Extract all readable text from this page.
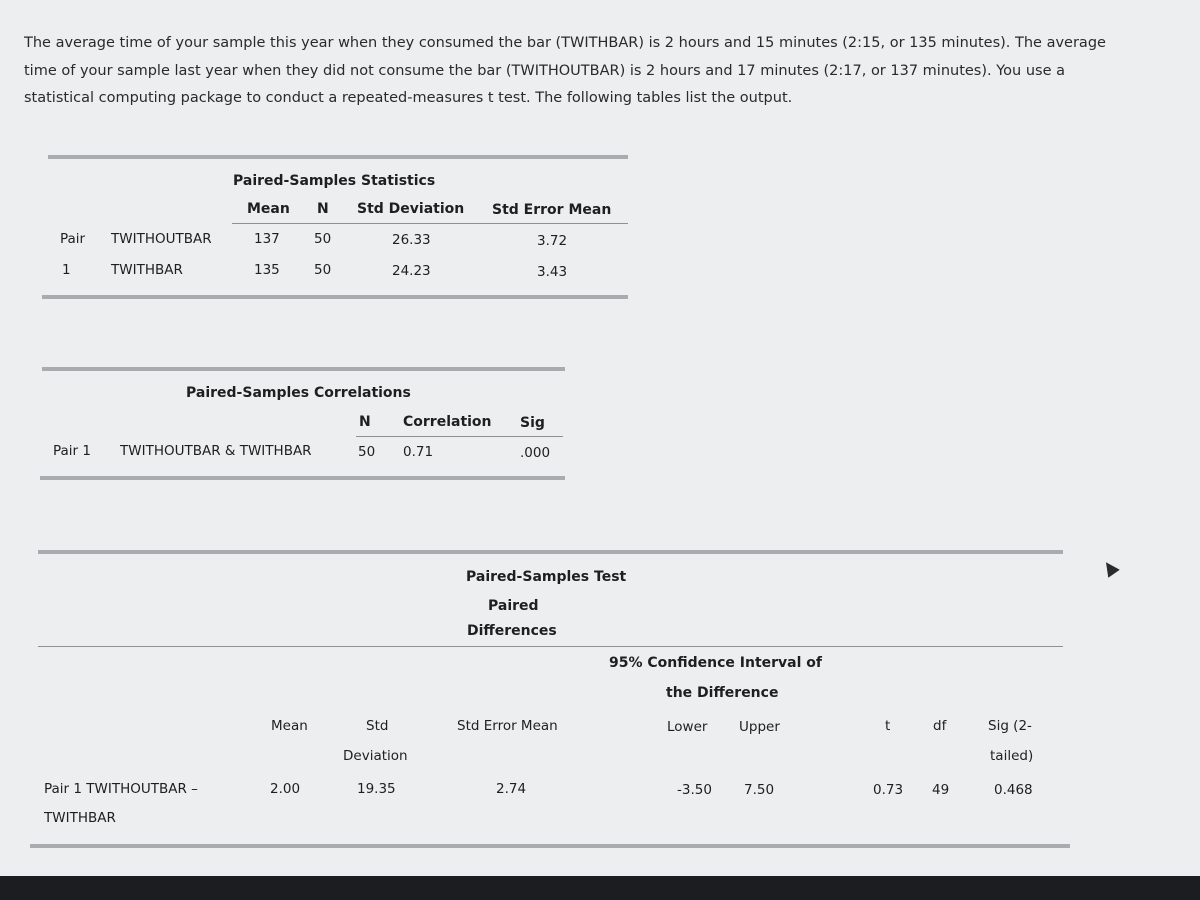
The average time of your sample this year when they consumed the bar (TWITHBAR) is 2 hours and 15 minutes (2:15, or 135 minutes). The average
time of your sample last year when they did not consume the bar (TWITHOUTBAR) is 2 hours and 17 minutes (2:17, or 137 minutes). You use a
statistical computing package to conduct a repeated-measures t test. The following tables list the output.
Paired-Samples Statistics
Mean N Std Deviation Std Error Mean
Pair
1
TWITHOUTBAR	137	50	26.33	3.72
TWITHBAR	135	50	24.23	3.43
Paired-Samples Correlations
N Correlation Sig
Pair 1 TWITHOUTBAR & TWITHBAR	50 0.71	.000
Paired-Samples Test
Paired
Differences
95% Confidence Interval of
the Difference
Mean	Std
Deviation
Std Error Mean	Lower Upper	t	df	Sig (2-
tailed)
Pair 1 TWITHOUTBAR –
TWITHBAR
2.00	19.35	2.74	-3.50 7.50	0.73 49	0.468
